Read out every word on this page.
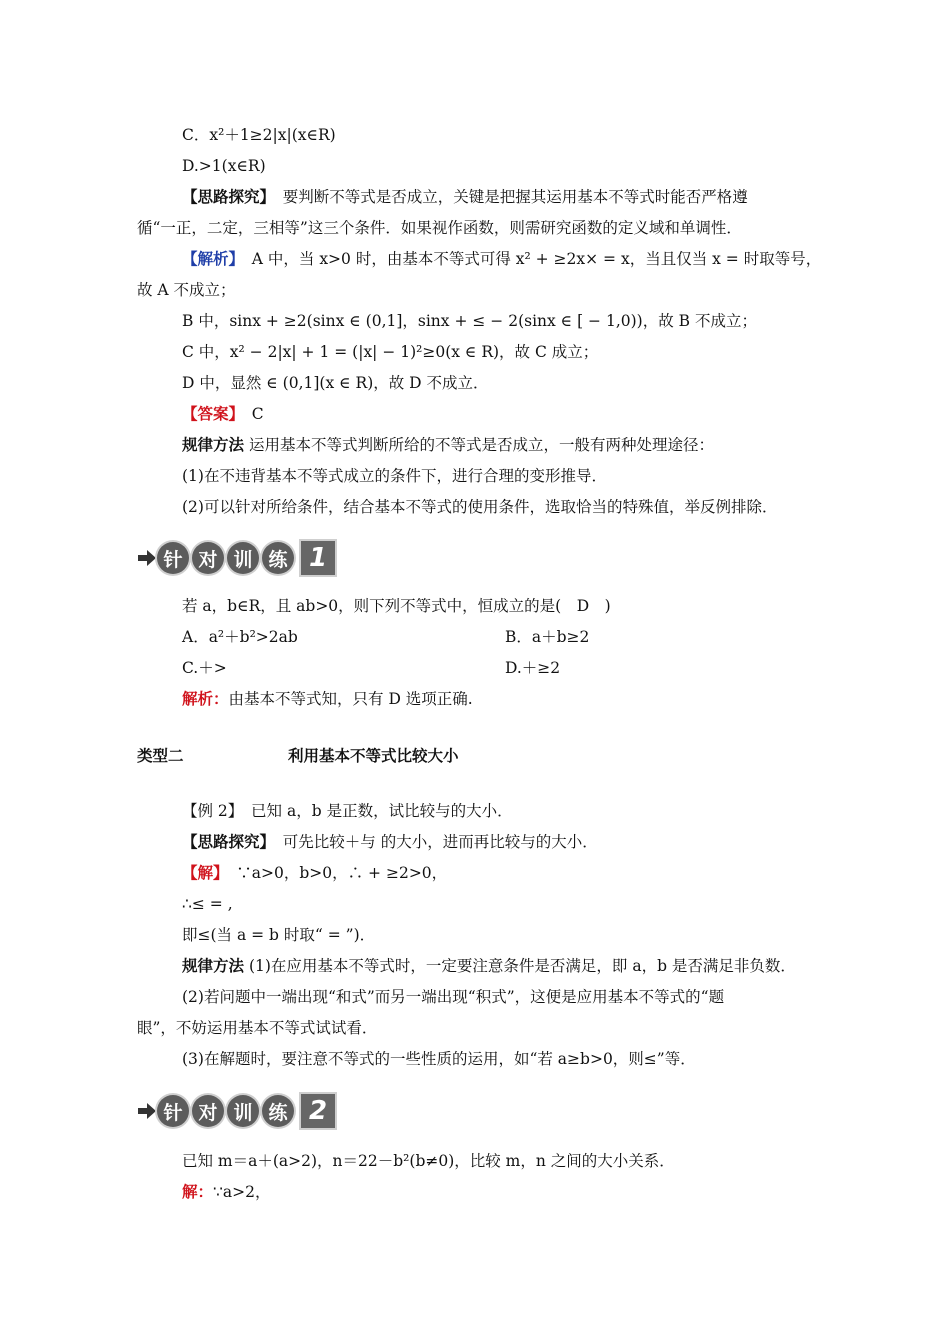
C．x²＋1≥2|x|(x∈R)
D.>1(x∈R)
【思路探究】　要判断不等式是否成立，关键是把握其运用基本不等式时能否严格遵
循“一正，二定，三相等”这三个条件．如果视作函数，则需研究函数的定义域和单调性．
【解析】　A 中，当 x>0 时，由基本不等式可得 x² + ≥2x× = x，当且仅当 x = 时取等号，
故 A 不成立；
B 中，sinx + ≥2(sinx ∈ (0,1]，sinx + ≤ − 2(sinx ∈ [ − 1,0))，故 B 不成立；
C 中，x² − 2|x| + 1 = (|x| − 1)²≥0(x ∈ R)，故 C 成立；
D 中，显然 ∈ (0,1](x ∈ R)，故 D 不成立．
【答案】　C
规律方法 运用基本不等式判断所给的不等式是否成立，一般有两种处理途径：
(1)在不违背基本不等式成立的条件下，进行合理的变形推导．
(2)可以针对所给条件，结合基本不等式的使用条件，选取恰当的特殊值，举反例排除．
针 对 训 练 1
若 a，b∈R，且 ab>0，则下列不等式中，恒成立的是(　D　)
A．a²＋b²>2ab	B．a＋b≥2
C.＋>	D.＋≥2
解析：由基本不等式知，只有 D 选项正确.
类型二	利用基本不等式比较大小
【例 2】　已知 a，b 是正数，试比较与的大小．
【思路探究】　可先比较＋与 的大小，进而再比较与的大小．
【解】　∵a>0，b>0，∴ + ≥2>0，
∴≤ = ,
即≤(当 a = b 时取“ = ”)．
规律方法 (1)在应用基本不等式时，一定要注意条件是否满足，即 a，b 是否满足非负数．
(2)若问题中一端出现“和式”而另一端出现“积式”，这便是应用基本不等式的“题
眼”，不妨运用基本不等式试试看．
(3)在解题时，要注意不等式的一些性质的运用，如“若 a≥b>0，则≤”等．
针 对 训 练 2
已知 m＝a＋(a>2)，n＝22－b²(b≠0)，比较 m，n 之间的大小关系．
解：∵a>2，
